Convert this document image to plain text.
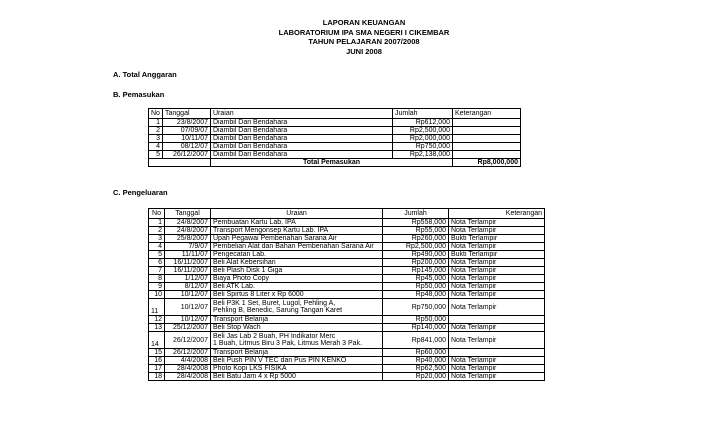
LAPORAN KEUANGAN
LABORATORIUM IPA SMA NEGERI I CIKEMBAR
TAHUN PELAJARAN 2007/2008
JUNI 2008
A. Total Anggaran
B. Pemasukan
C. Pengeluaran
No	Tanggal	Uraian	Jumlah	Keterangan
1	23/8/2007	Diambil Dari Bendahara	Rp612,000	
2	07/09/07	Diambil Dari Bendahara	Rp2,500,000	
3	10/11/07	Diambil Dari Bendahara	Rp2,000,000	
4	08/12/07	Diambil Dari Bendahara	Rp750,000	
5	26/12/2007	Diambil Dari Bendahara	Rp2,138,000	
		Total Pemasukan		Rp8,000,000
No	Tanggal	Uraian	Jumlah	Keterangan
1	24/8/2007	Pembuatan Kartu Lab. IPA	Rp558,000	Nota Terlampir
2	24/8/2007	Transport Mengonsep Kartu Lab. IPA	Rp55,000	Nota Terlampir
3	25/8/2007	Upah Pegawai Pembenahan Sarana Air	Rp260,000	Bukti Terlampir
4	7/9/07	Pembelian Alat dan Bahan Pembenahan Sarana Air	Rp2,500,000	Nota Terlampir
5	11/11/07	Pengecatan Lab.	Rp490,000	Bukti Terlampir
6	16/11/2007	Beli Alat Kebersihan	Rp200,000	Nota Terlampir
7	16/11/2007	Beli Plash Disk 1 Giga	Rp145,000	Nota Terlampir
8	1/12/07	Biaya Photo Copy	Rp45,000	Nota Terlampir
9	8/12/07	Beli ATK Lab.	Rp50,000	Nota Terlampir
10	10/12/07	Beli Spirtus 8 Liter x Rp 6000	Rp48,000	Nota Terlampir
11	10/12/07	Beli P3K 1 Set, Buret, Lugol, Pehling A,
Pehling B, Benedic, Sarung Tangan Karet	Rp750,000	Nota Terlampir
12	10/12/07	Transport Belanja	Rp50,000	
13	25/12/2007	Beli Stop Wach	Rp140,000	Nota Terlampir
14	26/12/2007	Beli Jas Lab 2 Buah, PH Indikator Merc
1 Buah, Litmus Biru 3 Pak, Litmus Merah 3 Pak.	Rp841,000	Nota Terlampir
15	26/12/2007	Transport Belanja	Rp60,000	
16	4/4/2008	Beli Push PIN V TEC dan Pus PIN KENKO	Rp40,000	Nota Terlampir
17	28/4/2008	Photo Kopi LKS FISIKA	Rp62,500	Nota Terlampir
18	28/4/2008	Beli Batu Jam 4 x Rp 5000	Rp20,000	Nota Terlampir
